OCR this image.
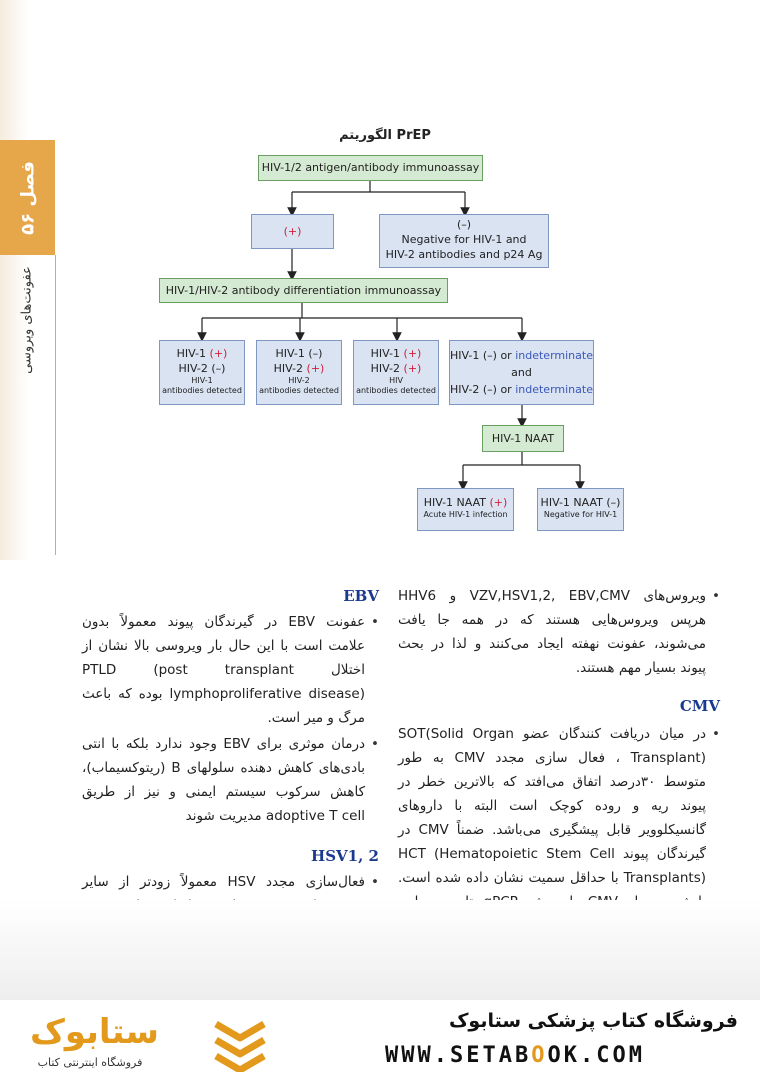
فصل ۵۶
عفونت‌های ویروسی
الگوریتم PrEP
HIV-1/2 antigen/antibody immunoassay
(+)
(–)
Negative for HIV-1 and
HIV-2 antibodies and p24 Ag
HIV-1/HIV-2 antibody differentiation immunoassay
HIV-1 (+)
HIV-2 (–)
HIV-1
antibodies detected
HIV-1 (–)
HIV-2 (+)
HIV-2
antibodies detected
HIV-1 (+)
HIV-2 (+)
HIV
antibodies detected
HIV-1 (–) or indeterminate
and
HIV-2 (–) or indeterminate
HIV-1 NAAT
HIV-1 NAAT (+)
Acute HIV-1 infection
HIV-1 NAAT (–)
Negative for HIV-1
• ویروس‌های VZV,HSV1,2, EBV,CMV و HHV6 هرپس ویروس‌هایی هستند که در همه جا یافت می‌شوند، عفونت نهفته ایجاد می‌کنند و لذا در بحث پیوند بسیار مهم هستند.
CMV
• در میان دریافت کنندگان عضو SOT(Solid Organ Transplant) ، فعال سازی مجدد CMV به طور متوسط ۳۰درصد اتفاق می‌افتد که بالاترین خطر در پیوند ریه و روده کوچک است البته با داروهای گانسیکلوویر قابل پیشگیری می‌باشد. ضمناً CMV در گیرندگان پیوند HCT (Hematopoietic Stem Cell Transplants) با حداقل سمیت نشان داده شده است.
EBV
• عفونت EBV در گیرندگان پیوند معمولاً بدون علامت است با این حال بار ویروسی بالا نشان از اختلال PTLD (post transplant lymphoproliferative disease) بوده که باعث مرگ و میر است.
• درمان موثری برای EBV وجود ندارد بلکه با انتی بادی‌های کاهش دهنده سلولهای B (ریتوکسیماب)، کاهش سرکوب سیستم ایمنی و نیز از طریق adoptive T cell مدیریت شوند
HSV1, 2
• فعال‌سازی مجدد HSV معمولاً زودتر از سایر
•
فروشگاه کتاب پزشکی ستابوک
WWW.SETABOOK.COM
ستابوک
فروشگاه اینترنتی کتاب
